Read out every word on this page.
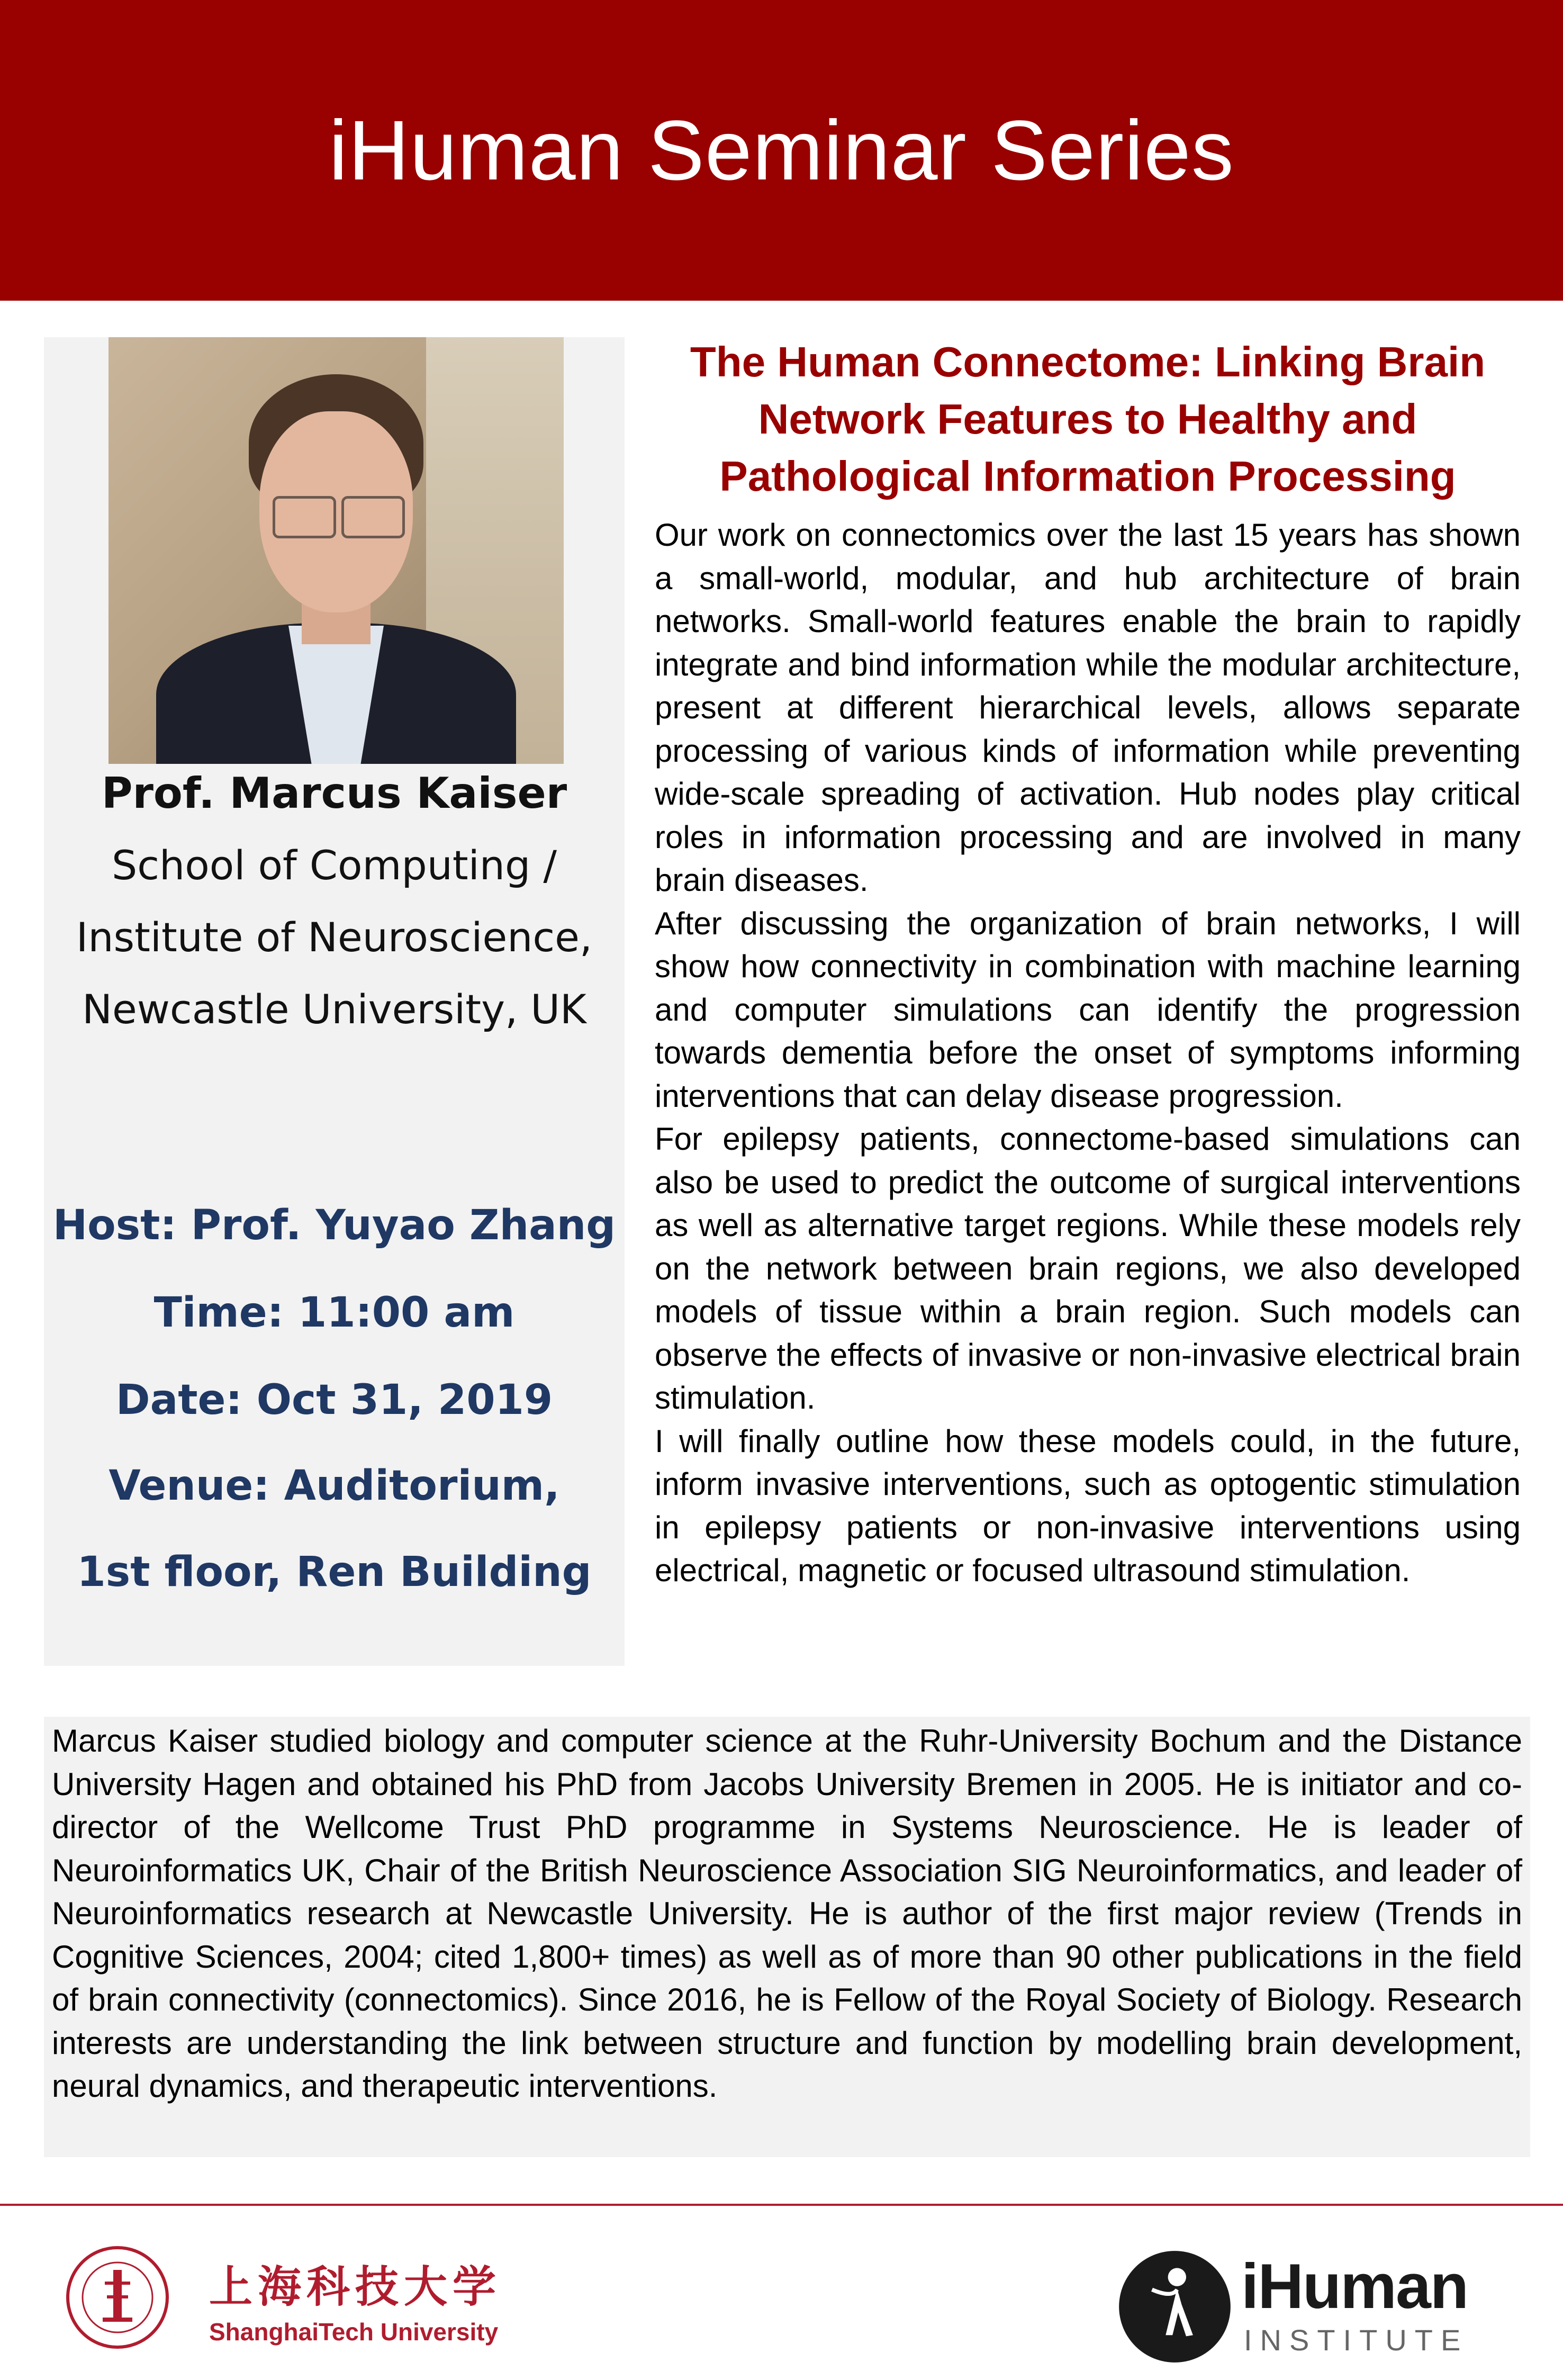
iHuman Seminar Series
Prof. Marcus Kaiser
School of Computing /
Institute of Neuroscience,
Newcastle University, UK
Host: Prof. Yuyao Zhang
Time: 11:00 am
Date: Oct 31, 2019
Venue: Auditorium,
1st floor, Ren Building
The Human Connectome: Linking Brain Network Features to Healthy and Pathological Information Processing

Our work on connectomics over the last 15 years has shown a small-world, modular, and hub architecture of brain networks. Small-world features enable the brain to rapidly integrate and bind information while the modular architecture, present at different hierarchical levels, allows separate processing of various kinds of information while preventing wide-scale spreading of activation. Hub nodes play critical roles in information processing and are involved in many brain diseases.

After discussing the organization of brain networks, I will show how connectivity in combination with machine learning and computer simulations can identify the progression towards dementia before the onset of symptoms informing interventions that can delay disease progression.

For epilepsy patients, connectome-based simulations can also be used to predict the outcome of surgical interventions as well as alternative target regions. While these models rely on the network between brain regions, we also developed models of tissue within a brain region. Such models can observe the effects of invasive or non-invasive electrical brain stimulation.

I will finally outline how these models could, in the future, inform invasive interventions, such as optogentic stimulation in epilepsy patients or non-invasive interventions using electrical, magnetic or focused ultrasound stimulation.

Marcus Kaiser studied biology and computer science at the Ruhr-University Bochum and the Distance University Hagen and obtained his PhD from Jacobs University Bremen in 2005. He is initiator and co-director of the Wellcome Trust PhD programme in Systems Neuroscience. He is leader of Neuroinformatics UK, Chair of the British Neuroscience Association SIG Neuroinformatics, and leader of Neuroinformatics research at Newcastle University. He is author of the first major review (Trends in Cognitive Sciences, 2004; cited 1,800+ times) as well as of more than 90 other publications in the field of brain connectivity (connectomics). Since 2016, he is Fellow of the Royal Society of Biology. Research interests are understanding the link between structure and function by modelling brain development, neural dynamics, and therapeutic interventions.

上海科技大学
ShanghaiTech University
iHuman
INSTITUTE
